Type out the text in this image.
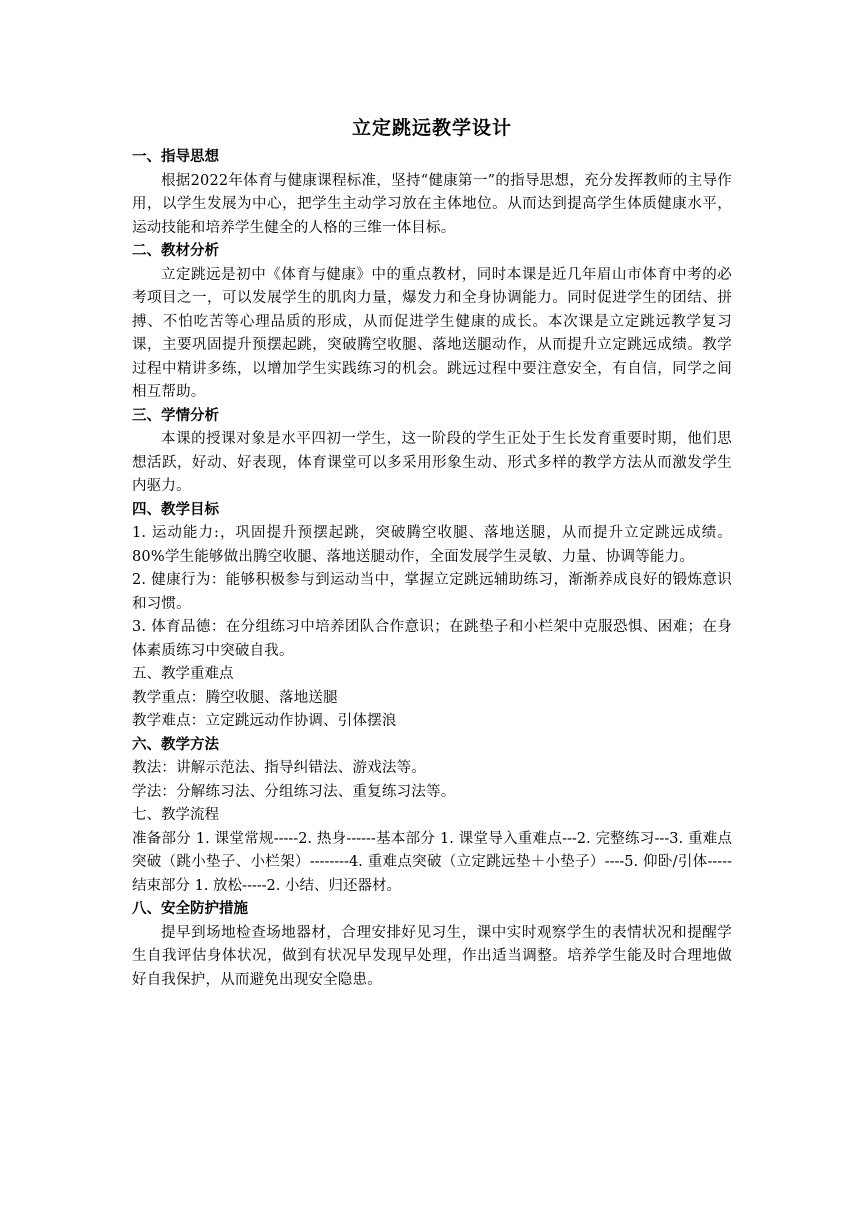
立定跳远教学设计

一、指导思想

根据2022年体育与健康课程标准，坚持“健康第一”的指导思想，充分发挥教师的主导作用，以学生发展为中心，把学生主动学习放在主体地位。从而达到提高学生体质健康水平，运动技能和培养学生健全的人格的三维一体目标。

二、教材分析

立定跳远是初中《体育与健康》中的重点教材，同时本课是近几年眉山市体育中考的必考项目之一，可以发展学生的肌肉力量，爆发力和全身协调能力。同时促进学生的团结、拼搏、不怕吃苦等心理品质的形成，从而促进学生健康的成长。本次课是立定跳远教学复习课，主要巩固提升预摆起跳，突破腾空收腿、落地送腿动作，从而提升立定跳远成绩。教学过程中精讲多练，以增加学生实践练习的机会。跳远过程中要注意安全，有自信，同学之间相互帮助。

三、学情分析

本课的授课对象是水平四初一学生，这一阶段的学生正处于生长发育重要时期，他们思想活跃，好动、好表现，体育课堂可以多采用形象生动、形式多样的教学方法从而激发学生内驱力。

四、教学目标

1. 运动能力:，巩固提升预摆起跳，突破腾空收腿、落地送腿，从而提升立定跳远成绩。80%学生能够做出腾空收腿、落地送腿动作，全面发展学生灵敏、力量、协调等能力。

2. 健康行为：能够积极参与到运动当中，掌握立定跳远辅助练习，渐渐养成良好的锻炼意识和习惯。

3. 体育品德：在分组练习中培养团队合作意识；在跳垫子和小栏架中克服恐惧、困难；在身体素质练习中突破自我。

五、教学重难点

教学重点：腾空收腿、落地送腿

教学难点：立定跳远动作协调、引体摆浪

六、教学方法

教法：讲解示范法、指导纠错法、游戏法等。

学法：分解练习法、分组练习法、重复练习法等。

七、教学流程

准备部分 1. 课堂常规-----2. 热身------基本部分 1. 课堂导入重难点---2. 完整练习---3. 重难点突破（跳小垫子、小栏架）--------4. 重难点突破（立定跳远垫＋小垫子）----5. 仰卧/引体-----结束部分 1. 放松-----2. 小结、归还器材。

八、安全防护措施

提早到场地检查场地器材，合理安排好见习生，课中实时观察学生的表情状况和提醒学生自我评估身体状况，做到有状况早发现早处理，作出适当调整。培养学生能及时合理地做好自我保护，从而避免出现安全隐患。
